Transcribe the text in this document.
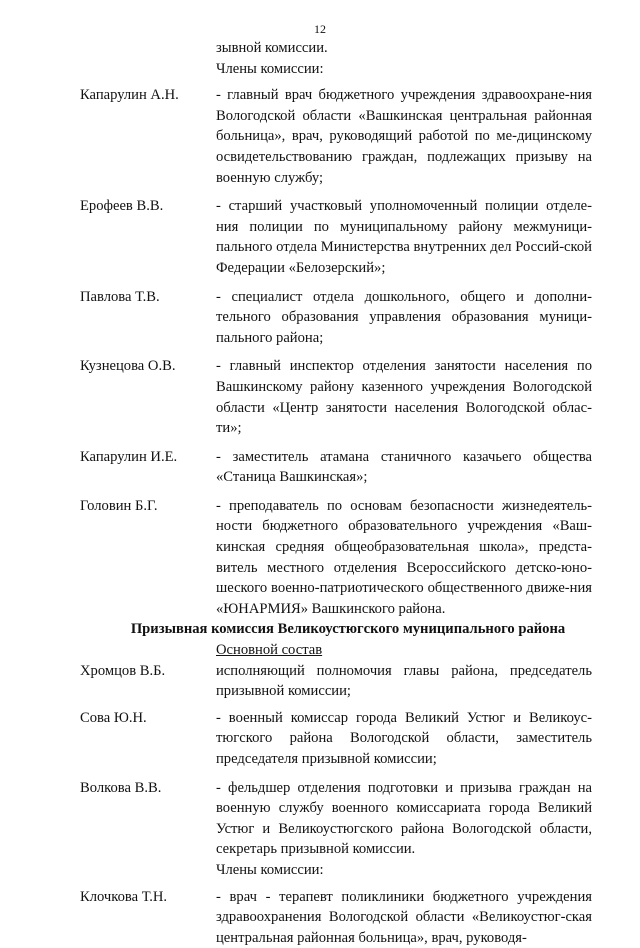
12
зывной комиссии.
Члены комиссии:
Капарулин А.Н.	- главный врач бюджетного учреждения здравоохране-ния Вологодской области «Вашкинская центральная районная больница», врач, руководящий работой по ме-дицинскому освидетельствованию граждан, подлежащих призыву на военную службу;
Ерофеев В.В.	- старший участковый уполномоченный полиции отделе-ния полиции по муниципальному району межмуници-пального отдела Министерства внутренних дел Россий-ской Федерации «Белозерский»;
Павлова Т.В.	- специалист отдела дошкольного, общего и дополни-тельного образования управления образования муници-пального района;
Кузнецова О.В.	- главный инспектор отделения занятости населения по Вашкинскому району казенного учреждения Вологодской области «Центр занятости населения Вологодской облас-ти»;
Капарулин И.Е.	- заместитель атамана станичного казачьего общества «Станица Вашкинская»;
Головин Б.Г.	- преподаватель по основам безопасности жизнедеятель-ности бюджетного образовательного учреждения «Ваш-кинская средняя общеобразовательная школа», предста-витель местного отделения Всероссийского детско-юно-шеского военно-патриотического общественного движе-ния «ЮНАРМИЯ» Вашкинского района.
Призывная комиссия Великоустюгского муниципального района
Основной состав
Хромцов В.Б.	исполняющий полномочия главы района, председатель призывной комиссии;
Сова Ю.Н.	- военный комиссар города Великий Устюг и Великоус-тюгского района Вологодской области, заместитель председателя призывной комиссии;
Волкова В.В.	- фельдшер отделения подготовки и призыва граждан на военную службу военного комиссариата города Великий Устюг и Великоустюгского района Вологодской области, секретарь призывной комиссии.
Члены комиссии:
Клочкова Т.Н.	- врач - терапевт поликлиники бюджетного учреждения здравоохранения Вологодской области «Великоустюг-ская центральная районная больница», врач, руководя-
